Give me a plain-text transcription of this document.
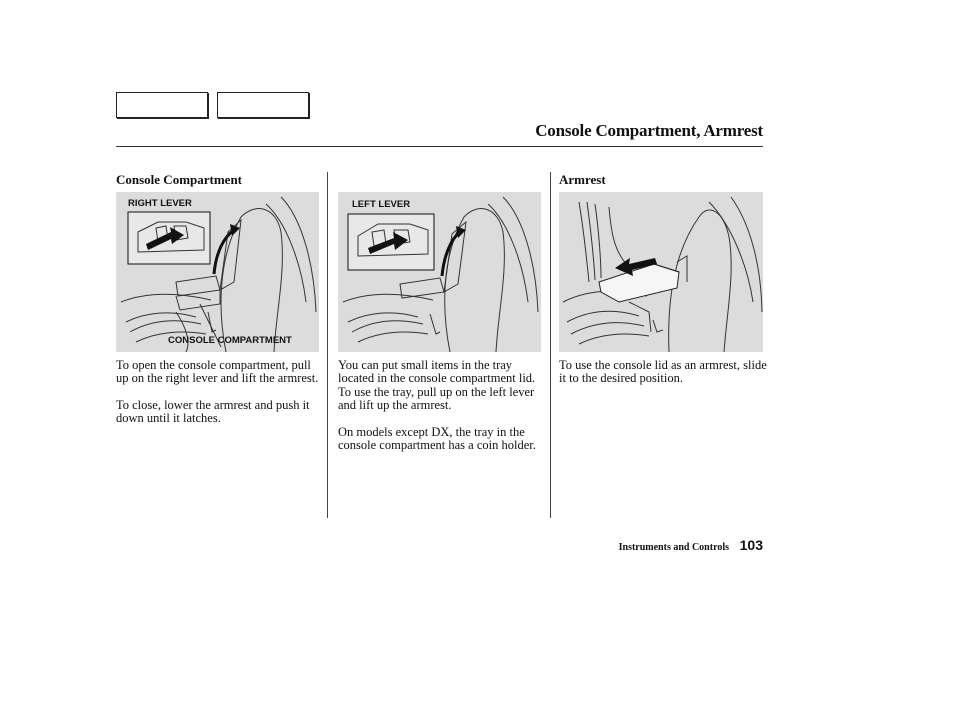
Console Compartment, Armrest
Console Compartment
RIGHT LEVER
CONSOLE COMPARTMENT

To open the console compartment, pull up on the right lever and lift the armrest.

To close, lower the armrest and push it down until it latches.

LEFT LEVER

You can put small items in the tray located in the console compartment lid. To use the tray, pull up on the left lever and lift up the armrest.

On models except DX, the tray in the console compartment has a coin holder.

Armrest

To use the console lid as an armrest, slide it to the desired position.

Instruments and Controls 103
